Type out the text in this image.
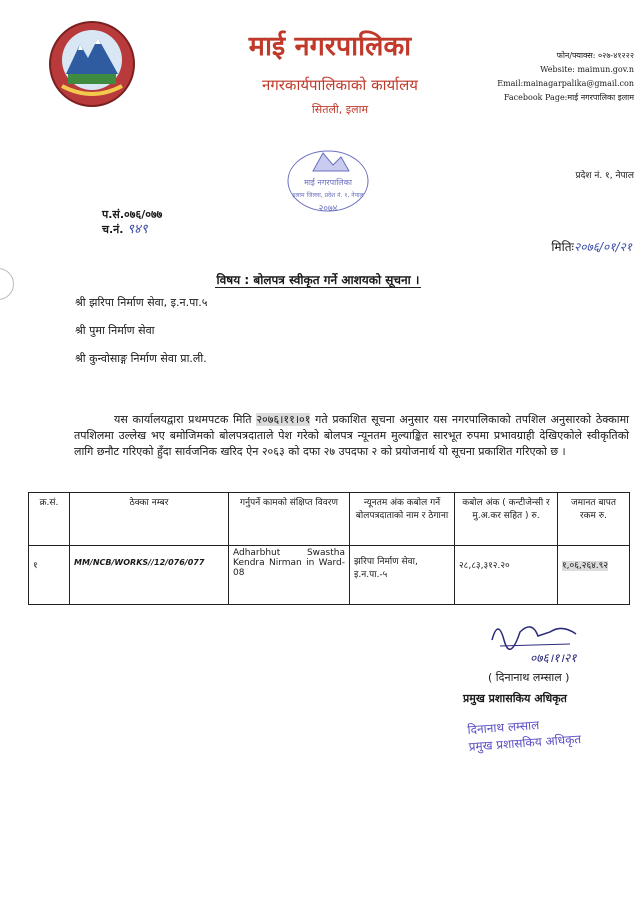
माई नगरपालिका
नगरकार्यपालिकाको कार्यालय
सितली, इलाम
फोन/फ्याक्स: ०२७-४१२२२
Website: maimun.gov.n
Email:mainagarpalika@gmail.con
Facebook Page:माई नगरपालिका इलाम
प्रदेश नं. १, नेपाल
माई नगरपालिका
इलाम जिल्ला, प्रदेश नं. १, नेपाल
२०७४
प.सं.०७६/०७७
च.नं. ९४९
मितिः२०७६/०१/२१
विषय : बोलपत्र स्वीकृत गर्ने आशयको सूचना ।
श्री झरिपा निर्माण सेवा, इ.न.पा.५
श्री पुमा निर्माण सेवा
श्री कुन्वोसाङ्ग निर्माण सेवा प्रा.ली.
यस कार्यालयद्वारा प्रथमपटक मिति २०७६।११।०१ गते प्रकाशित सूचना अनुसार यस नगरपालिकाको तपशिल अनुसारको ठेक्कामा तपशिलमा उल्लेख भए बमोजिमको बोलपत्रदाताले पेश गरेको बोलपत्र न्यूनतम मुल्याङ्कित सारभूत रुपमा प्रभावग्राही देखिएकोले स्वीकृतिको लागि छनौट गरिएको हुँदा सार्वजनिक खरिद ऐन २०६३ को दफा २७ उपदफा २ को प्रयोजनार्थ यो सूचना प्रकाशित गरिएको छ ।
क्र.सं.	ठेक्का नम्बर	गर्नुपर्ने कामको संक्षिप्त विवरण	न्यूनतम अंक कबोल गर्ने बोलपत्रदाताको नाम र ठेगाना	कबोल अंक ( कन्टीजेन्सी र मु.अ.कर सहित ) रु.	जमानत बापत रकम रु.
१	MM/NCB/WORKS//12/076/077	Adharbhut Swastha Kendra Nirman in Ward-08	झरिपा निर्माण सेवा, इ.न.पा.-५	२८,८३,३१२.२०	१,०६,२६४.९२
०७६।१।२१
( दिनानाथ लम्साल )
प्रमुख प्रशासकिय अधिकृत
दिनानाथ लम्साल
प्रमुख प्रशासकिय अधिकृत
